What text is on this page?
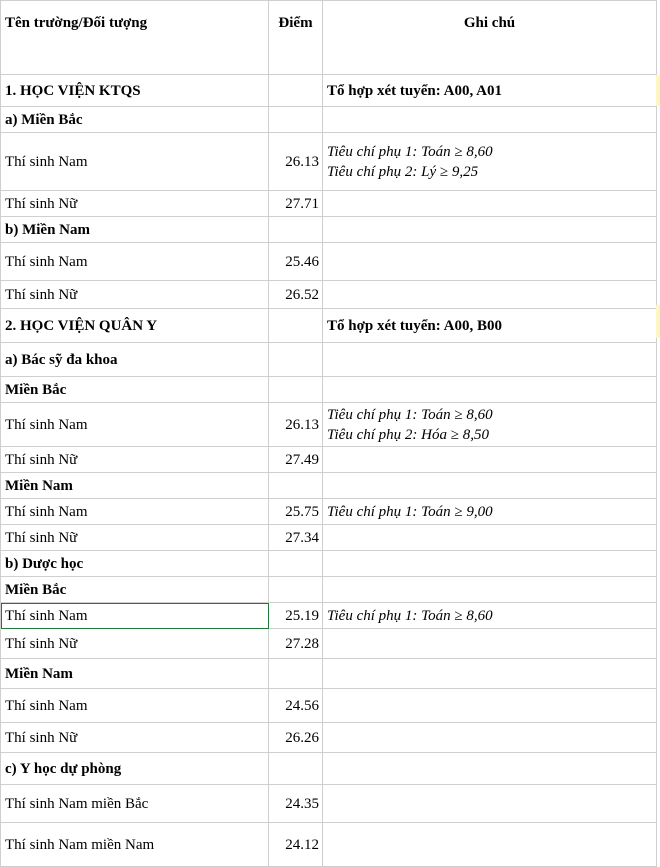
Tên trường/Đối tượng	Điểm	Ghi chú
1. HỌC VIỆN KTQS		Tổ hợp xét tuyển: A00, A01
a) Miền Bắc		
Thí sinh Nam	26.13	Tiêu chí phụ 1: Toán ≥ 8,60
Tiêu chí phụ 2: Lý ≥ 9,25

Thí sinh Nữ	27.71	
b) Miền Nam		
Thí sinh Nam	25.46	
Thí sinh Nữ	26.52	
2. HỌC VIỆN QUÂN Y		Tổ hợp xét tuyển: A00, B00
a) Bác sỹ đa khoa		
Miền Bắc		
Thí sinh Nam	26.13	Tiêu chí phụ 1: Toán ≥ 8,60
Tiêu chí phụ 2: Hóa ≥ 8,50

Thí sinh Nữ	27.49	
Miền Nam		
Thí sinh Nam	25.75	Tiêu chí phụ 1: Toán ≥ 9,00
Thí sinh Nữ	27.34	
b) Dược học		
Miền Bắc		
Thí sinh Nam	25.19	Tiêu chí phụ 1: Toán ≥ 8,60
Thí sinh Nữ	27.28	
Miền Nam		
Thí sinh Nam	24.56	
Thí sinh Nữ	26.26	
c) Y học dự phòng		
Thí sinh Nam miền Bắc	24.35	
Thí sinh Nam miền Nam	24.12	
